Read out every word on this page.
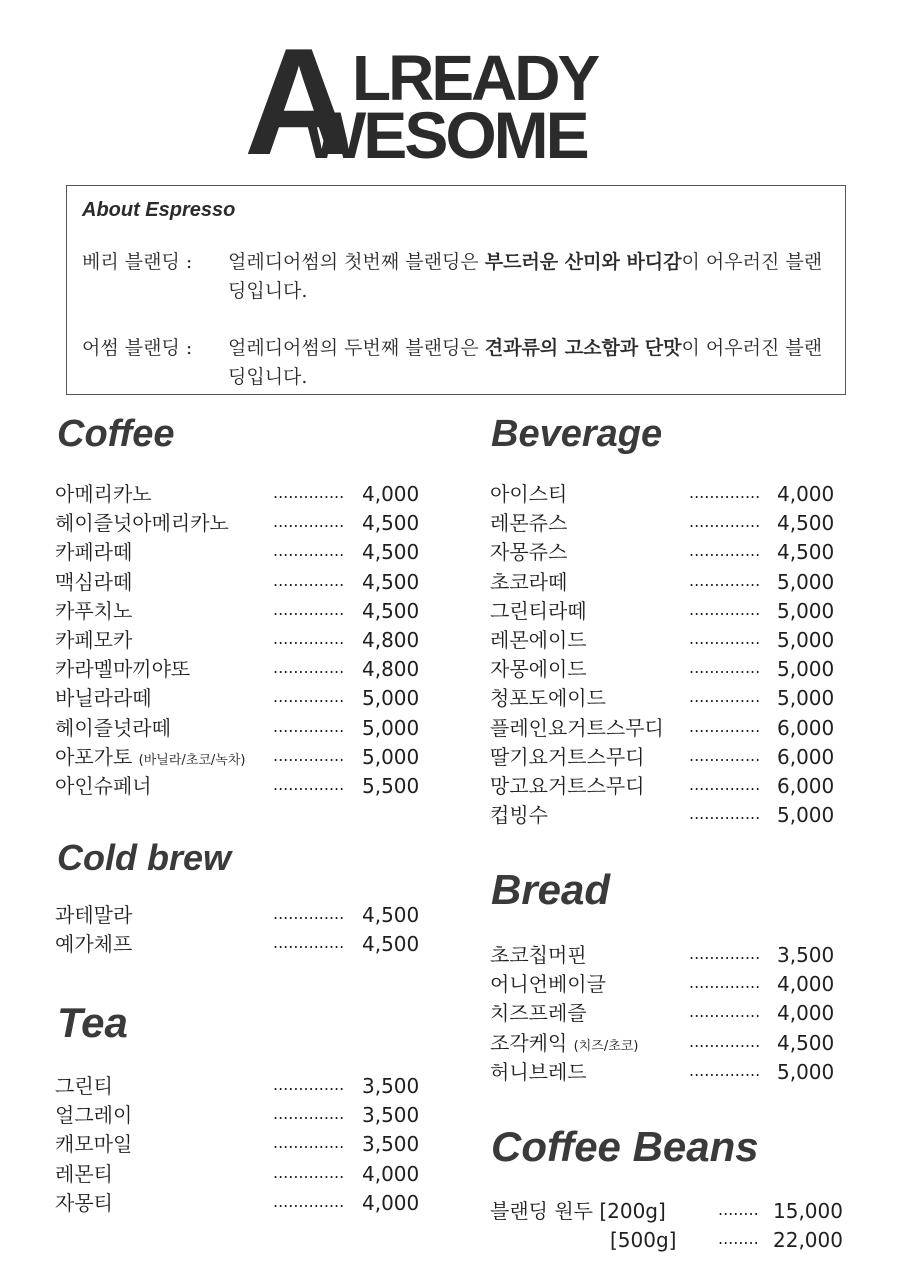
A LREADY
WESOME
About Espresso
베리 블랜딩 : 얼레디어썸의 첫번째 블랜딩은 부드러운 산미와 바디감이 어우러진 블랜딩입니다.
어썸 블랜딩 : 얼레디어썸의 두번째 블랜딩은 견과류의 고소함과 단맛이 어우러진 블랜딩입니다.
Coffee
아메리카노	.............. 4,000
헤이즐넛아메리카노	.............. 4,500
카페라떼	.............. 4,500
맥심라떼	.............. 4,500
카푸치노	.............. 4,500
카페모카	.............. 4,800
카라멜마끼야또	.............. 4,800
바닐라라떼	.............. 5,000
헤이즐넛라떼	.............. 5,000
아포가토 (바닐라/초코/녹차) .............. 5,000
아인슈페너	.............. 5,500
Cold brew
과테말라	.............. 4,500
예가체프	.............. 4,500
Tea
그린티	.............. 3,500
얼그레이	.............. 3,500
캐모마일	.............. 3,500
레몬티	.............. 4,000
자몽티	.............. 4,000
Beverage
아이스티	.............. 4,000
레몬쥬스	.............. 4,500
자몽쥬스	.............. 4,500
초코라떼	.............. 5,000
그린티라떼	.............. 5,000
레몬에이드	.............. 5,000
자몽에이드	.............. 5,000
청포도에이드	.............. 5,000
플레인요거트스무디 .............. 6,000
딸기요거트스무디	.............. 6,000
망고요거트스무디	.............. 6,000
컵빙수	.............. 5,000
Bread
초코칩머핀	.............. 3,500
어니언베이글	.............. 4,000
치즈프레즐	.............. 4,000
조각케익 (치즈/초코)	.............. 4,500
허니브레드	.............. 5,000
Coffee Beans
블랜딩 원두 [200g]	........ 15,000
[500g]	........ 22,000
